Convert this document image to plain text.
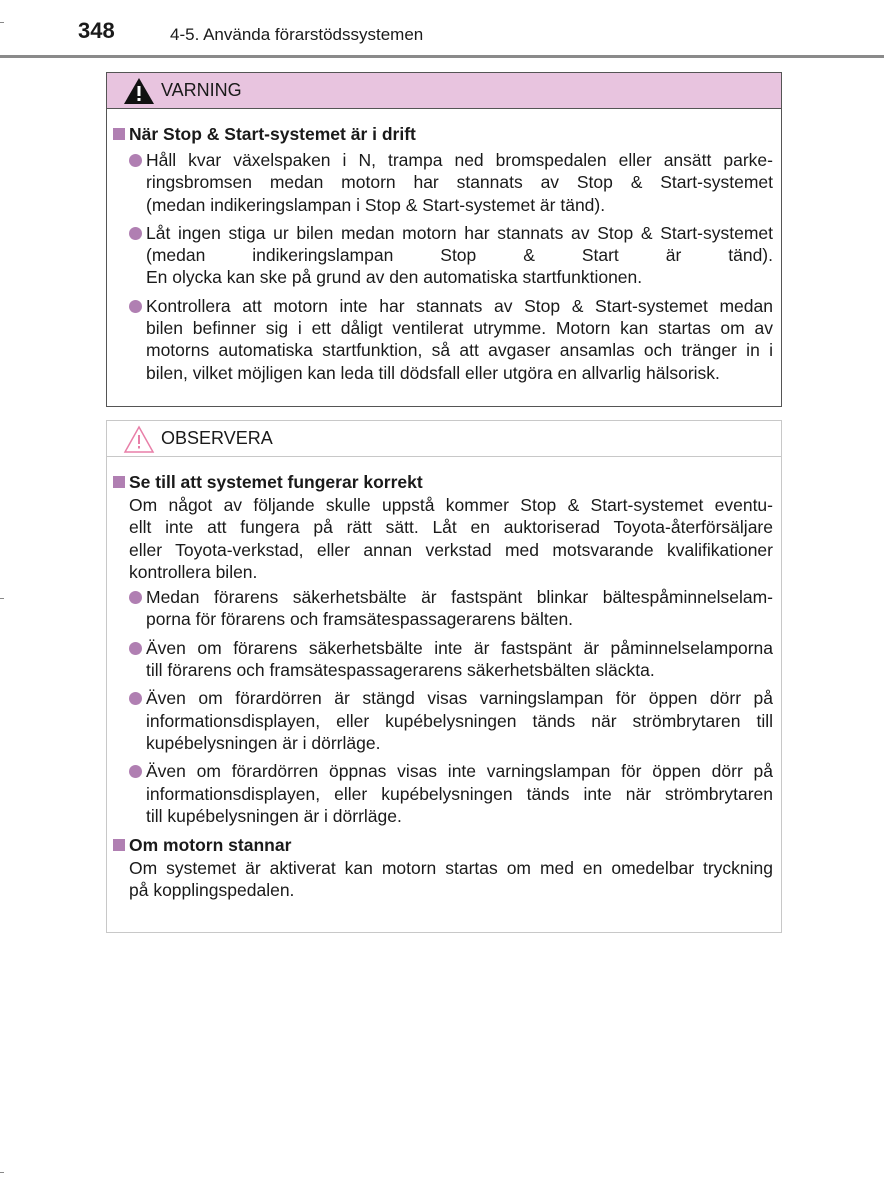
348	4-5. Använda förarstödssystemen
VARNING
När Stop & Start-systemet är i drift
Håll kvar växelspaken i N, trampa ned bromspedalen eller ansätt parke-
ringsbromsen medan motorn har stannats av Stop & Start-systemet
(medan indikeringslampan i Stop & Start-systemet är tänd).
Låt ingen stiga ur bilen medan motorn har stannats av Stop & Start-systemet
(medan indikeringslampan Stop & Start är tänd).
En olycka kan ske på grund av den automatiska startfunktionen.
Kontrollera att motorn inte har stannats av Stop & Start-systemet medan
bilen befinner sig i ett dåligt ventilerat utrymme. Motorn kan startas om av
motorns automatiska startfunktion, så att avgaser ansamlas och tränger in i
bilen, vilket möjligen kan leda till dödsfall eller utgöra en allvarlig hälsorisk.
OBSERVERA
Se till att systemet fungerar korrekt
Om något av följande skulle uppstå kommer Stop & Start-systemet eventu-
ellt inte att fungera på rätt sätt. Låt en auktoriserad Toyota-återförsäljare
eller Toyota-verkstad, eller annan verkstad med motsvarande kvalifikationer
kontrollera bilen.
Medan förarens säkerhetsbälte är fastspänt blinkar bältespåminnelselam-
porna för förarens och framsätespassagerarens bälten.
Även om förarens säkerhetsbälte inte är fastspänt är påminnelselamporna
till förarens och framsätespassagerarens säkerhetsbälten släckta.
Även om förardörren är stängd visas varningslampan för öppen dörr på
informationsdisplayen, eller kupébelysningen tänds när strömbrytaren till
kupébelysningen är i dörrläge.
Även om förardörren öppnas visas inte varningslampan för öppen dörr på
informationsdisplayen, eller kupébelysningen tänds inte när strömbrytaren
till kupébelysningen är i dörrläge.
Om motorn stannar
Om systemet är aktiverat kan motorn startas om med en omedelbar tryckning
på kopplingspedalen.
